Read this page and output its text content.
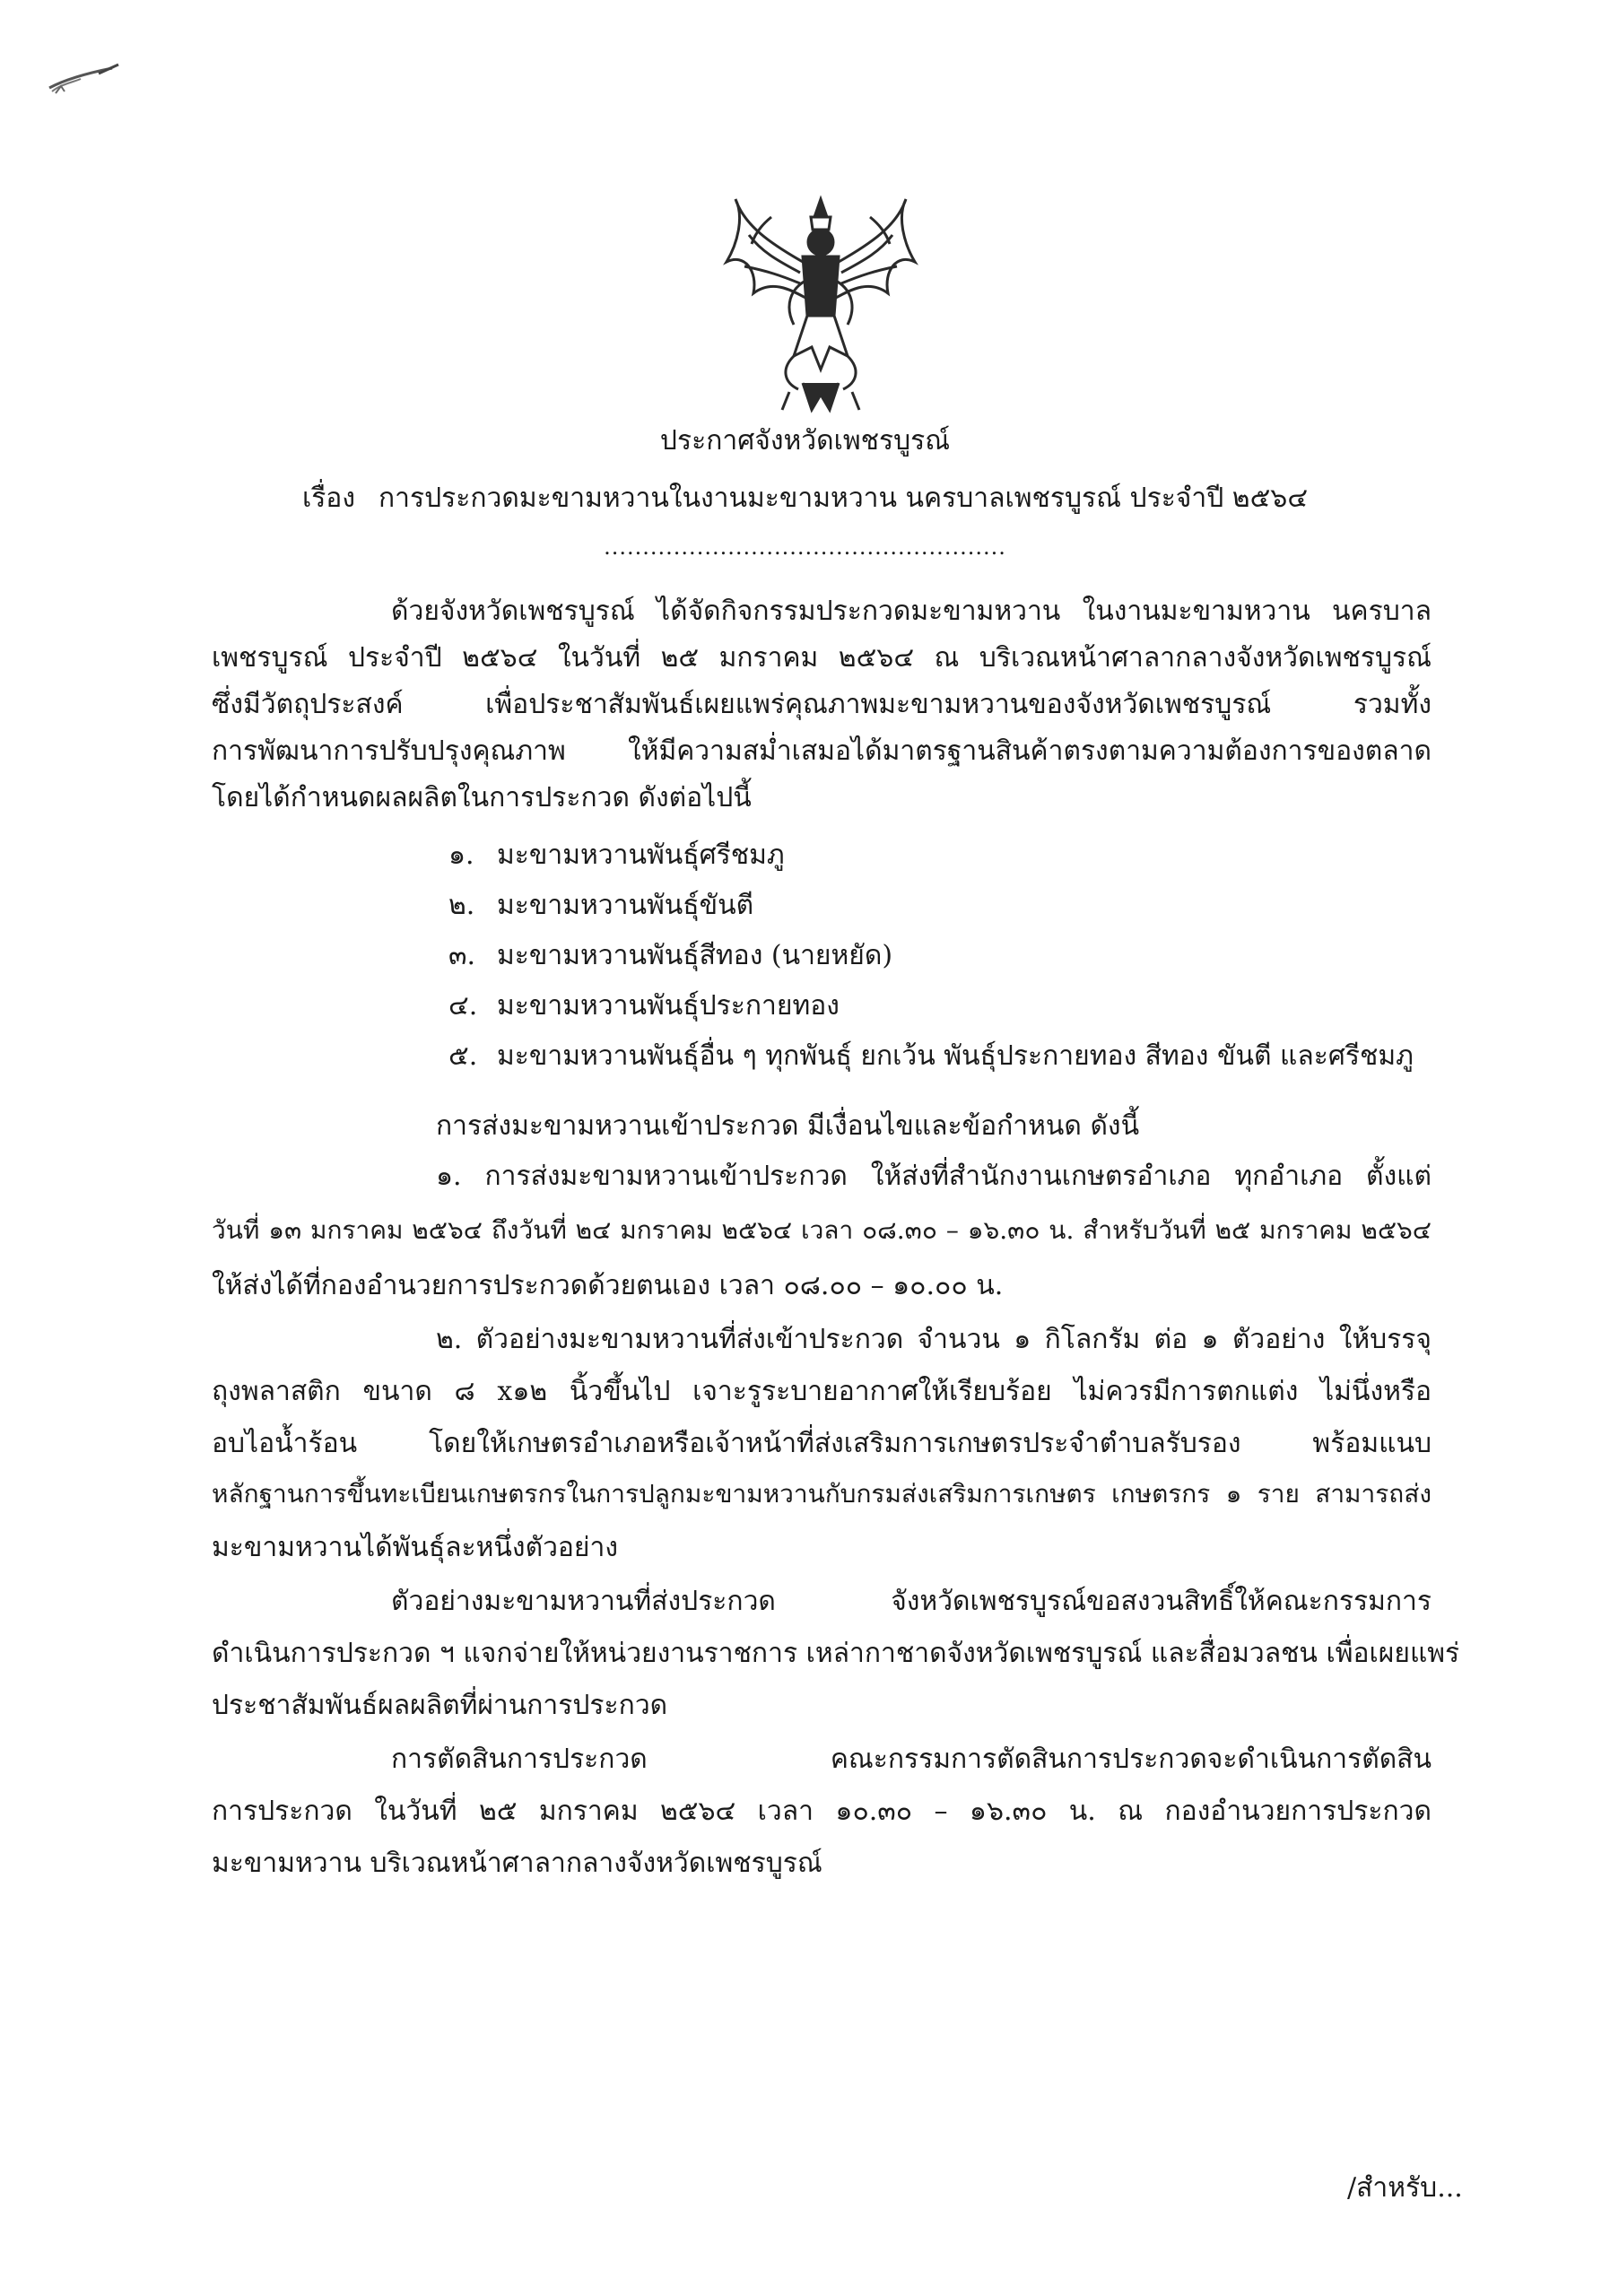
ประกาศจังหวัดเพชรบูรณ์
เรื่อง การประกวดมะขามหวานในงานมะขามหวาน นครบาลเพชรบูรณ์ ประจำปี ๒๕๖๔
....................................................
ด้วยจังหวัดเพชรบูรณ์ ได้จัดกิจกรรมประกวดมะขามหวาน ในงานมะขามหวาน นครบาล
เพชรบูรณ์ ประจำปี ๒๕๖๔ ในวันที่ ๒๕ มกราคม ๒๕๖๔ ณ บริเวณหน้าศาลากลางจังหวัดเพชรบูรณ์
ซึ่งมีวัตถุประสงค์ เพื่อประชาสัมพันธ์เผยแพร่คุณภาพมะขามหวานของจังหวัดเพชรบูรณ์ รวมทั้ง
การพัฒนาการปรับปรุงคุณภาพ ให้มีความสม่ำเสมอได้มาตรฐานสินค้าตรงตามความต้องการของตลาด
โดยได้กำหนดผลผลิตในการประกวด ดังต่อไปนี้
๑. มะขามหวานพันธุ์ศรีชมภู
๒. มะขามหวานพันธุ์ขันตี
๓. มะขามหวานพันธุ์สีทอง (นายหยัด)
๔. มะขามหวานพันธุ์ประกายทอง
๕. มะขามหวานพันธุ์อื่น ๆ ทุกพันธุ์ ยกเว้น พันธุ์ประกายทอง สีทอง ขันตี และศรีชมภู
การส่งมะขามหวานเข้าประกวด มีเงื่อนไขและข้อกำหนด ดังนี้
๑. การส่งมะขามหวานเข้าประกวด ให้ส่งที่สำนักงานเกษตรอำเภอ ทุกอำเภอ ตั้งแต่
วันที่ ๑๓ มกราคม ๒๕๖๔ ถึงวันที่ ๒๔ มกราคม ๒๕๖๔ เวลา ๐๘.๓๐ – ๑๖.๓๐ น. สำหรับวันที่ ๒๕ มกราคม ๒๕๖๔
ให้ส่งได้ที่กองอำนวยการประกวดด้วยตนเอง เวลา ๐๘.๐๐ – ๑๐.๐๐ น.
๒. ตัวอย่างมะขามหวานที่ส่งเข้าประกวด จำนวน ๑ กิโลกรัม ต่อ ๑ ตัวอย่าง ให้บรรจุ
ถุงพลาสติก ขนาด ๘ x๑๒ นิ้วขึ้นไป เจาะรูระบายอากาศให้เรียบร้อย ไม่ควรมีการตกแต่ง ไม่นึ่งหรือ
อบไอน้ำร้อน โดยให้เกษตรอำเภอหรือเจ้าหน้าที่ส่งเสริมการเกษตรประจำตำบลรับรอง พร้อมแนบ
หลักฐานการขึ้นทะเบียนเกษตรกรในการปลูกมะขามหวานกับกรมส่งเสริมการเกษตร เกษตรกร ๑ ราย สามารถส่ง
มะขามหวานได้พันธุ์ละหนึ่งตัวอย่าง
ตัวอย่างมะขามหวานที่ส่งประกวด จังหวัดเพชรบูรณ์ขอสงวนสิทธิ์ให้คณะกรรมการ
ดำเนินการประกวด ฯ แจกจ่ายให้หน่วยงานราชการ เหล่ากาชาดจังหวัดเพชรบูรณ์ และสื่อมวลชน เพื่อเผยแพร่
ประชาสัมพันธ์ผลผลิตที่ผ่านการประกวด
การตัดสินการประกวด คณะกรรมการตัดสินการประกวดจะดำเนินการตัดสิน
การประกวด ในวันที่ ๒๕ มกราคม ๒๕๖๔ เวลา ๑๐.๓๐ – ๑๖.๓๐ น. ณ กองอำนวยการประกวด
มะขามหวาน บริเวณหน้าศาลากลางจังหวัดเพชรบูรณ์
/สำหรับ...
